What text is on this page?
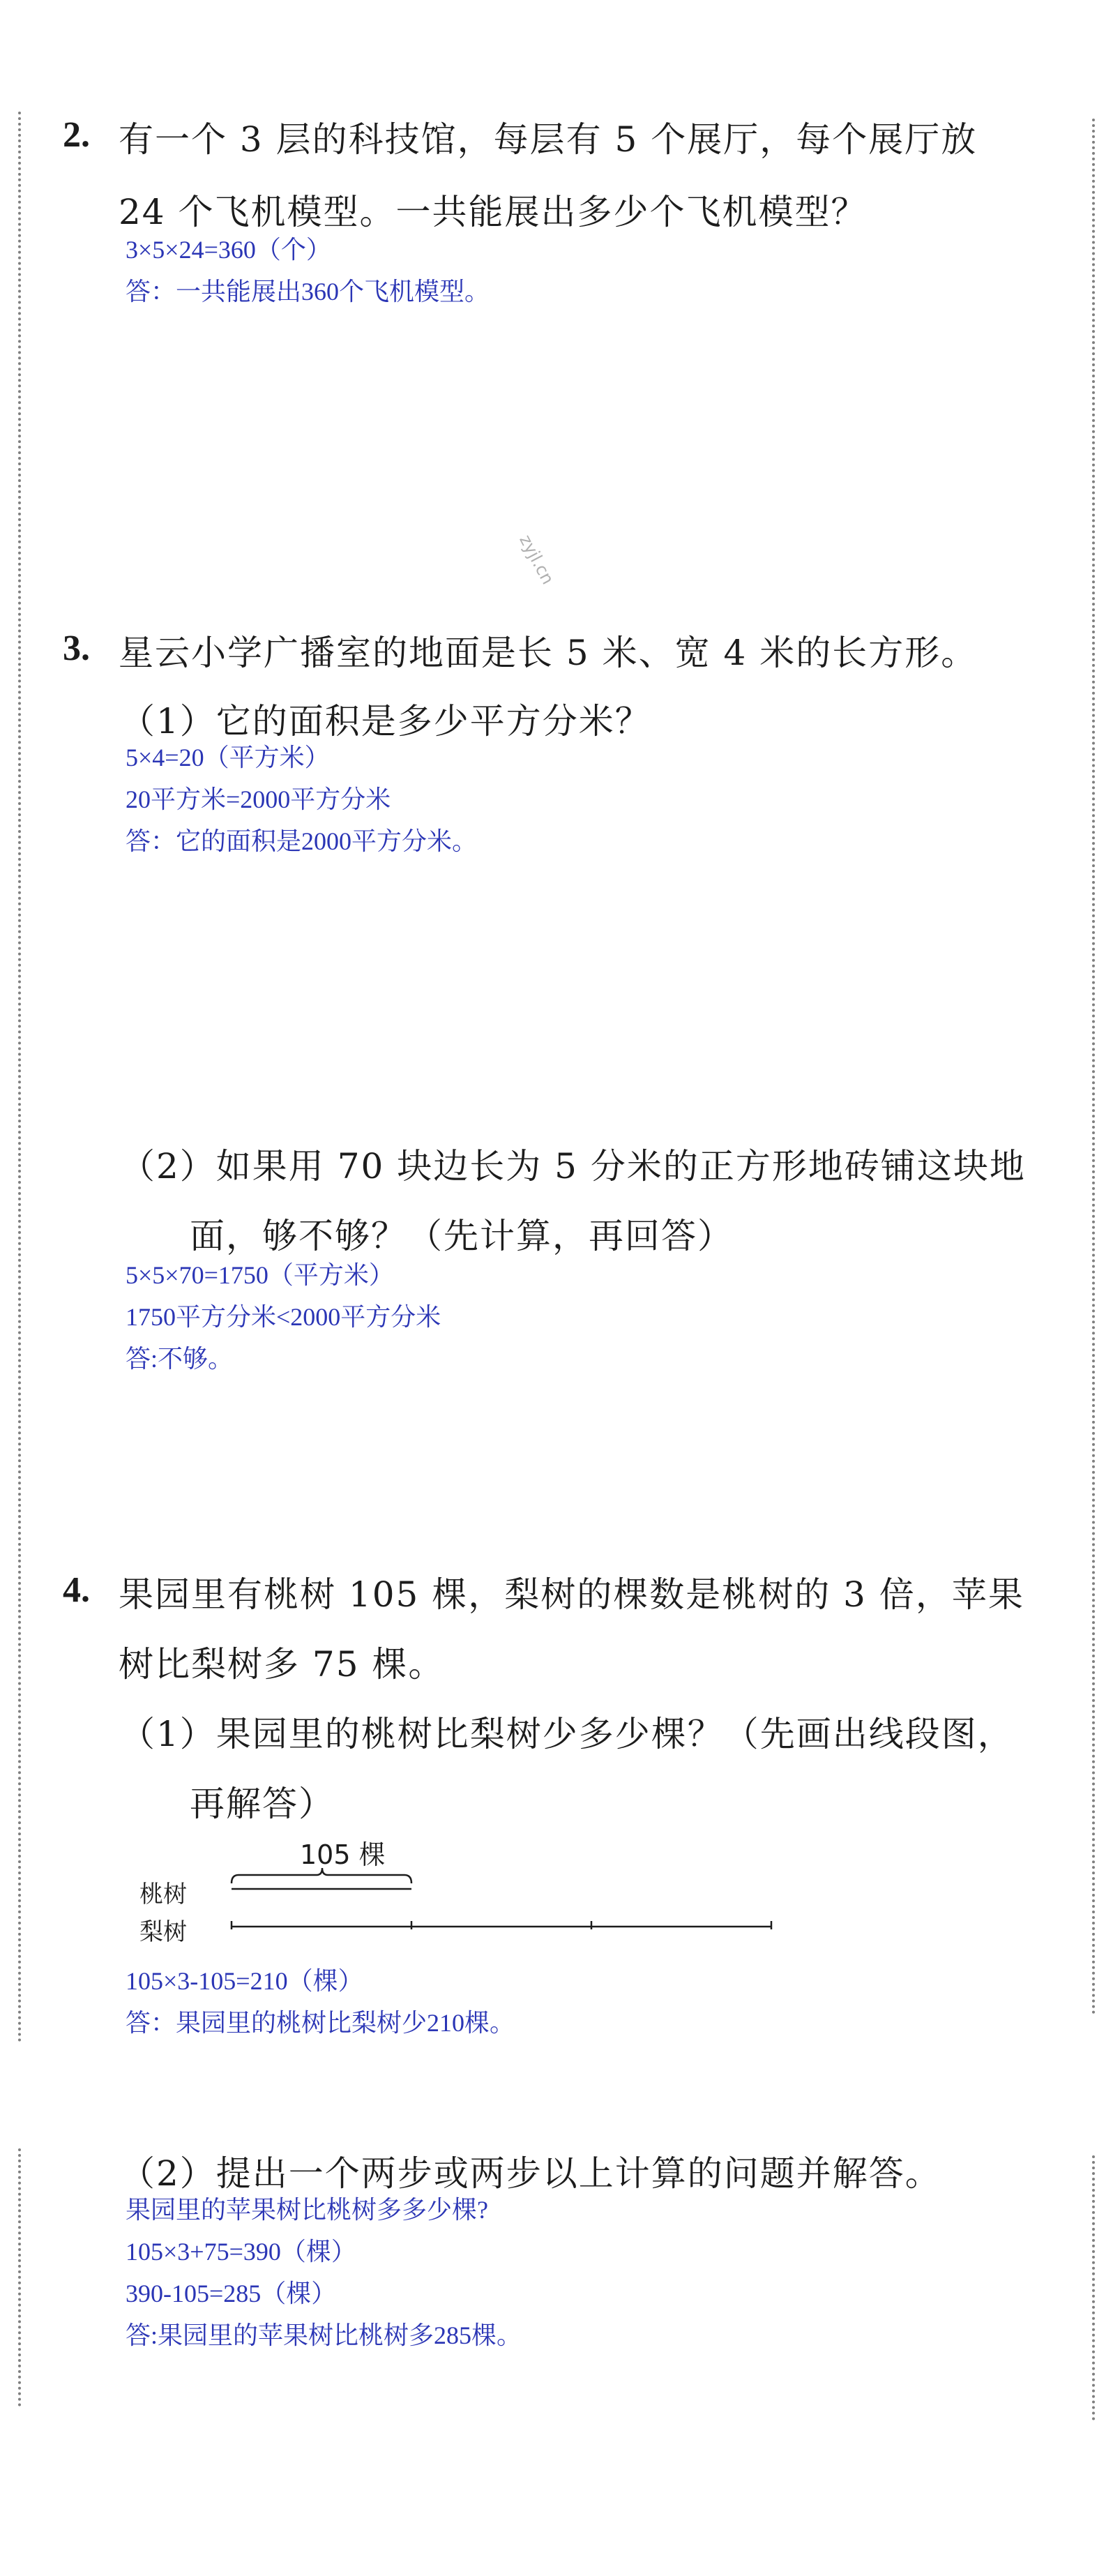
2. 有一个 3 层的科技馆，每层有 5 个展厅，每个展厅放
24 个飞机模型。一共能展出多少个飞机模型？
3×5×24=360（个）
答：一共能展出360个飞机模型。
zyjl.cn
3. 星云小学广播室的地面是长 5 米、宽 4 米的长方形。
（1）它的面积是多少平方分米？
5×4=20（平方米）
20平方米=2000平方分米
答：它的面积是2000平方分米。
（2）如果用 70 块边长为 5 分米的正方形地砖铺这块地
面，够不够？（先计算，再回答）
5×5×70=1750（平方米）
1750平方分米<2000平方分米
答:不够。
4. 果园里有桃树 105 棵，梨树的棵数是桃树的 3 倍，苹果
树比梨树多 75 棵。
（1）果园里的桃树比梨树少多少棵？（先画出线段图，
再解答）
105 棵
桃树
梨树
105×3-105=210（棵）
答：果园里的桃树比梨树少210棵。
（2）提出一个两步或两步以上计算的问题并解答。
果园里的苹果树比桃树多多少棵?
105×3+75=390（棵）
390-105=285（棵）
答:果园里的苹果树比桃树多285棵。
